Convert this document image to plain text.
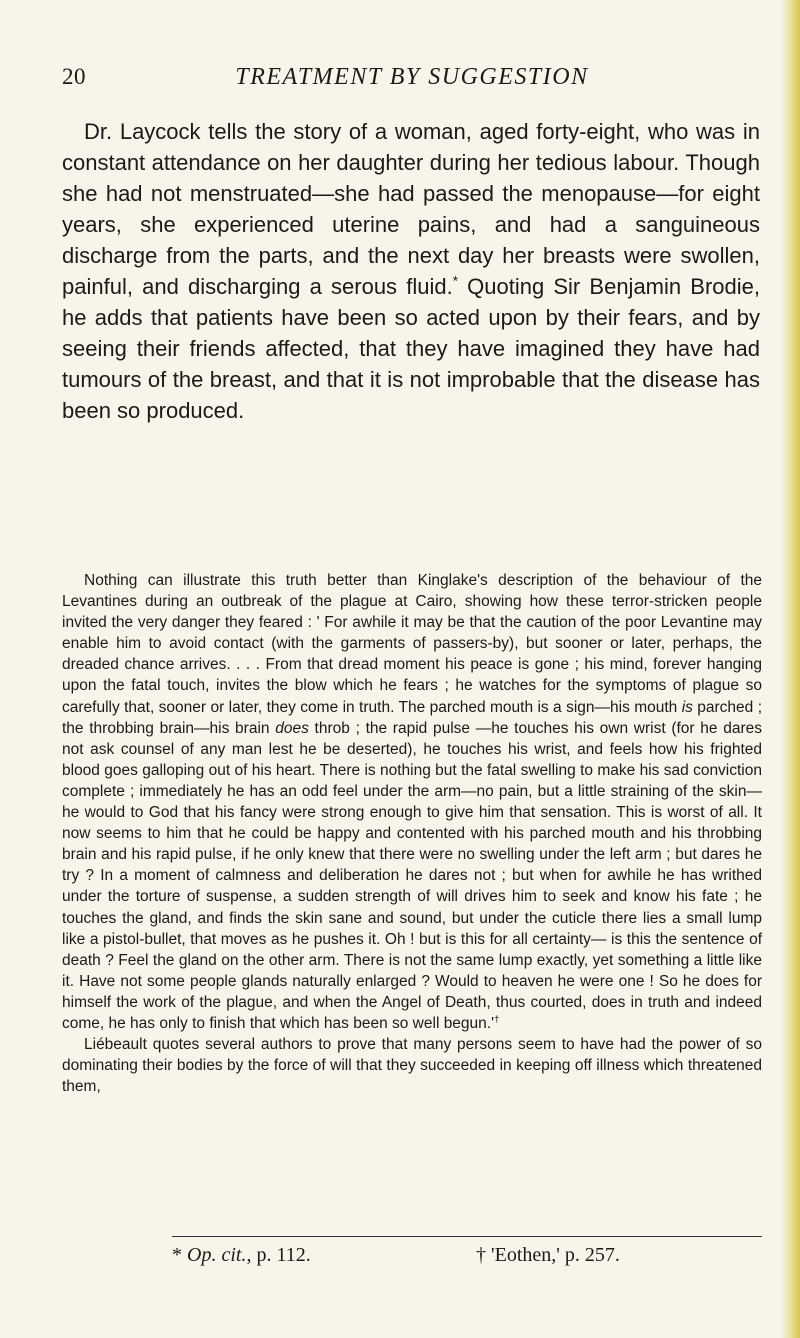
20	TREATMENT BY SUGGESTION

Dr. Laycock tells the story of a woman, aged forty-eight, who was in constant attendance on her daughter during her tedious labour. Though she had not menstruated—she had passed the menopause—for eight years, she experienced uterine pains, and had a sanguineous discharge from the parts, and the next day her breasts were swollen, painful, and discharging a serous fluid.* Quoting Sir Benjamin Brodie, he adds that patients have been so acted upon by their fears, and by seeing their friends affected, that they have imagined they have had tumours of the breast, and that it is not improbable that the disease has been so produced.

Nothing can illustrate this truth better than Kinglake's description of the behaviour of the Levantines during an outbreak of the plague at Cairo, showing how these terror-stricken people invited the very danger they feared : ' For awhile it may be that the caution of the poor Levantine may enable him to avoid contact (with the garments of passers-by), but sooner or later, perhaps, the dreaded chance arrives. . . . From that dread moment his peace is gone ; his mind, forever hanging upon the fatal touch, invites the blow which he fears ; he watches for the symptoms of plague so carefully that, sooner or later, they come in truth. The parched mouth is a sign—his mouth is parched ; the throbbing brain—his brain does throb ; the rapid pulse —he touches his own wrist (for he dares not ask counsel of any man lest he be deserted), he touches his wrist, and feels how his frighted blood goes galloping out of his heart. There is nothing but the fatal swelling to make his sad conviction complete ; immediately he has an odd feel under the arm—no pain, but a little straining of the skin—he would to God that his fancy were strong enough to give him that sensation. This is worst of all. It now seems to him that he could be happy and contented with his parched mouth and his throbbing brain and his rapid pulse, if he only knew that there were no swelling under the left arm ; but dares he try ? In a moment of calmness and deliberation he dares not ; but when for awhile he has writhed under the torture of suspense, a sudden strength of will drives him to seek and know his fate ; he touches the gland, and finds the skin sane and sound, but under the cuticle there lies a small lump like a pistol-bullet, that moves as he pushes it. Oh ! but is this for all certainty— is this the sentence of death ? Feel the gland on the other arm. There is not the same lump exactly, yet something a little like it. Have not some people glands naturally enlarged ? Would to heaven he were one ! So he does for himself the work of the plague, and when the Angel of Death, thus courted, does in truth and indeed come, he has only to finish that which has been so well begun.'†

Liébeault quotes several authors to prove that many persons seem to have had the power of so dominating their bodies by the force of will that they succeeded in keeping off illness which threatened them,

* Op. cit., p. 112.	† 'Eothen,' p. 257.
